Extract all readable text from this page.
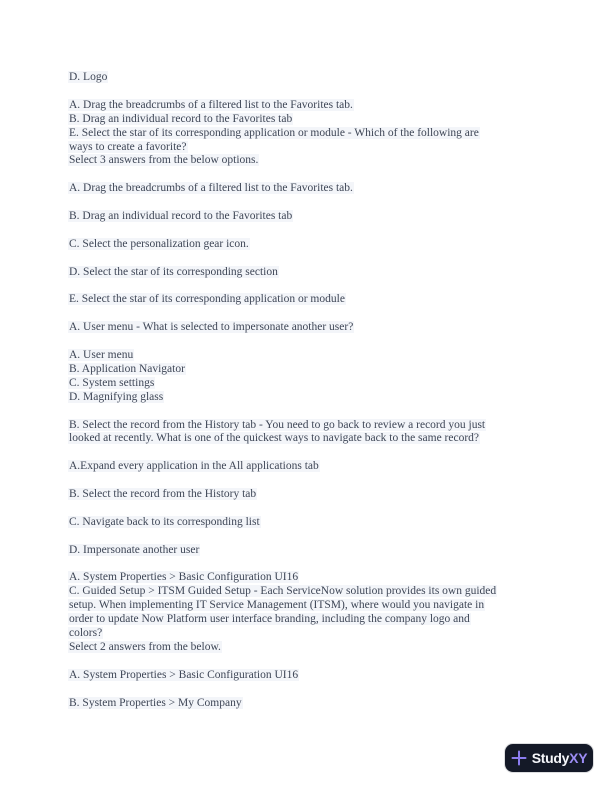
D. Logo

A. Drag the breadcrumbs of a filtered list to the Favorites tab.
B. Drag an individual record to the Favorites tab
E. Select the star of its corresponding application or module - Which of the following are
ways to create a favorite?
Select 3 answers from the below options.

A. Drag the breadcrumbs of a filtered list to the Favorites tab.

B. Drag an individual record to the Favorites tab

C. Select the personalization gear icon.

D. Select the star of its corresponding section

E. Select the star of its corresponding application or module

A. User menu - What is selected to impersonate another user?

A. User menu
B. Application Navigator
C. System settings
D. Magnifying glass

B. Select the record from the History tab - You need to go back to review a record you just
looked at recently. What is one of the quickest ways to navigate back to the same record?

A.Expand every application in the All applications tab

B. Select the record from the History tab

C. Navigate back to its corresponding list

D. Impersonate another user

A. System Properties > Basic Configuration UI16
C. Guided Setup > ITSM Guided Setup - Each ServiceNow solution provides its own guided
setup. When implementing IT Service Management (ITSM), where would you navigate in
order to update Now Platform user interface branding, including the company logo and
colors?
Select 2 answers from the below.

A. System Properties > Basic Configuration UI16

B. System Properties > My Company

StudyXY
